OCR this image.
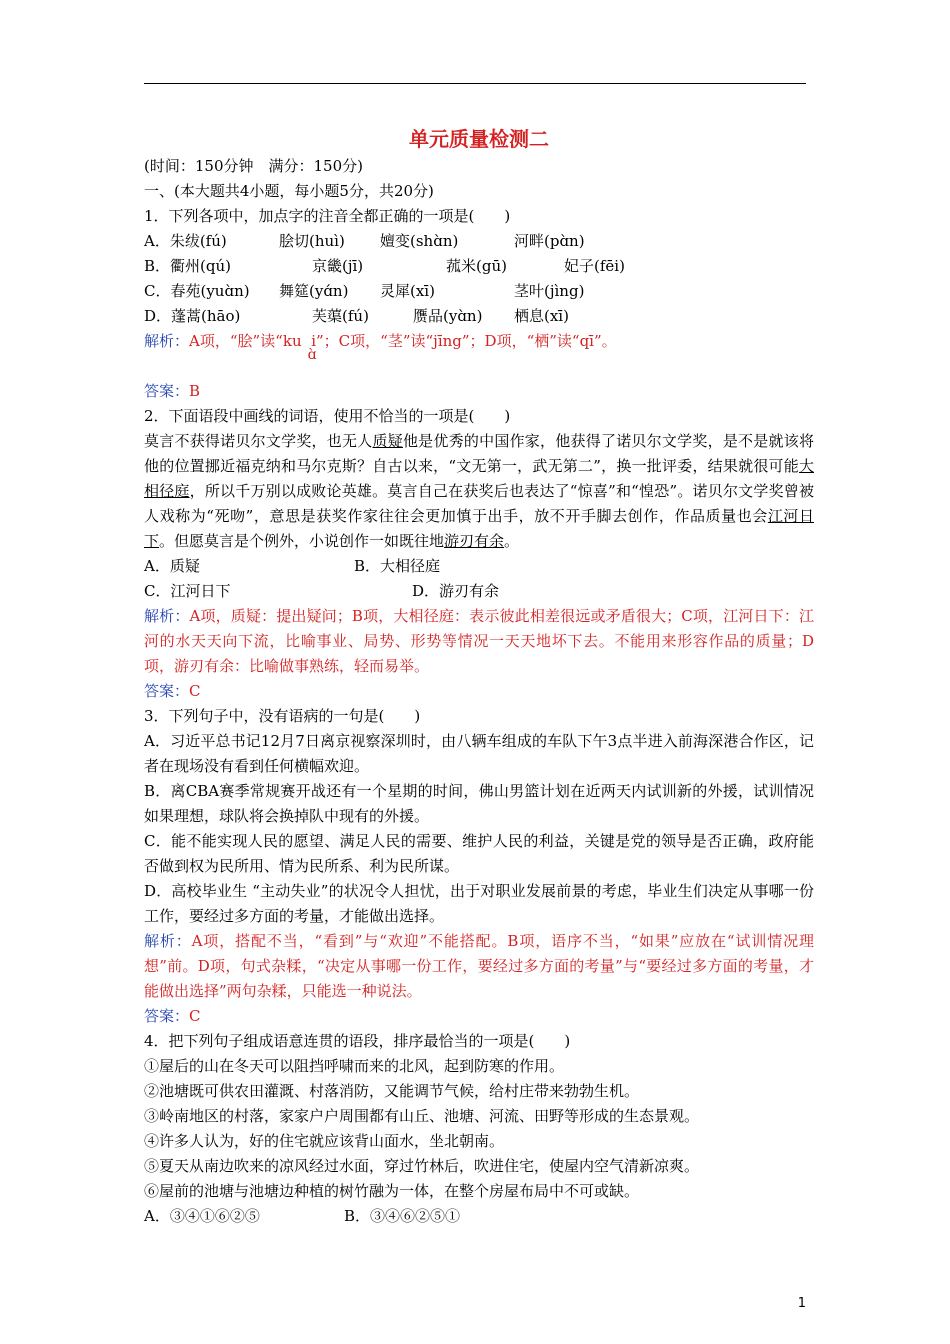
单元质量检测二
(时间：150分钟　满分：150分)
一、(本大题共4小题，每小题5分，共20分)
1．下列各项中，加点字的注音全都正确的一项是(　　)
A．朱绂(fú)	脍切(huì) 嬗变(shɑ̀n)	河畔(pɑ̀n)
B．衢州(qú)	京畿(jī)	菰米(gū)	妃子(fēi)
C．春苑(yuɑ̀n) 舞筵(yɑ́n) 灵犀(xī)	茎叶(jìng)
D．蓬蒿(hāo)	芙蕖(fú)	赝品(yɑ̀n) 栖息(xī)
解析：A项，“脍”读“ku
ɑ̀
i”；C项，“茎”读“jīng”；D项，“栖”读“qī”。
答案：B
2．下面语段中画线的词语，使用不恰当的一项是(　　)
莫言不获得诺贝尔文学奖，也无人质疑他是优秀的中国作家，他获得了诺贝尔文学奖，是不是就该将他的位置挪近福克纳和马尔克斯？自古以来，“文无第一，武无第二”，换一批评委，结果就很可能大相径庭，所以千万别以成败论英雄。莫言自己在获奖后也表达了“惊喜”和“惶恐”。诺贝尔文学奖曾被人戏称为“死吻”，意思是获奖作家往往会更加慎于出手，放不开手脚去创作，作品质量也会江河日下。但愿莫言是个例外，小说创作一如既往地游刃有余。
A．质疑	B．大相径庭
C．江河日下	D．游刃有余
解析：A项，质疑：提出疑问；B项，大相径庭：表示彼此相差很远或矛盾很大；C项，江河日下：江河的水天天向下流，比喻事业、局势、形势等情况一天天地坏下去。不能用来形容作品的质量；D项，游刃有余：比喻做事熟练，轻而易举。
答案：C
3．下列句子中，没有语病的一句是(　　)
A．习近平总书记12月7日离京视察深圳时，由八辆车组成的车队下午3点半进入前海深港合作区，记者在现场没有看到任何横幅欢迎。
B．离CBA赛季常规赛开战还有一个星期的时间，佛山男篮计划在近两天内试训新的外援，试训情况如果理想，球队将会换掉队中现有的外援。
C．能不能实现人民的愿望、满足人民的需要、维护人民的利益，关键是党的领导是否正确，政府能否做到权为民所用、情为民所系、利为民所谋。
D．高校毕业生 “主动失业”的状况令人担忧，出于对职业发展前景的考虑，毕业生们决定从事哪一份工作，要经过多方面的考量，才能做出选择。
解析：A项，搭配不当，“看到”与“欢迎”不能搭配。B项，语序不当，“如果”应放在“试训情况理想”前。D项，句式杂糅，“决定从事哪一份工作，要经过多方面的考量”与“要经过多方面的考量，才能做出选择”两句杂糅，只能选一种说法。
答案：C
4．把下列句子组成语意连贯的语段，排序最恰当的一项是(　　)
①屋后的山在冬天可以阻挡呼啸而来的北风，起到防寒的作用。
②池塘既可供农田灌溉、村落消防，又能调节气候，给村庄带来勃勃生机。
③岭南地区的村落，家家户户周围都有山丘、池塘、河流、田野等形成的生态景观。
④许多人认为，好的住宅就应该背山面水，坐北朝南。
⑤夏天从南边吹来的凉风经过水面，穿过竹林后，吹进住宅，使屋内空气清新凉爽。
⑥屋前的池塘与池塘边种植的树竹融为一体，在整个房屋布局中不可或缺。
A．③④①⑥②⑤	B．③④⑥②⑤①
1
